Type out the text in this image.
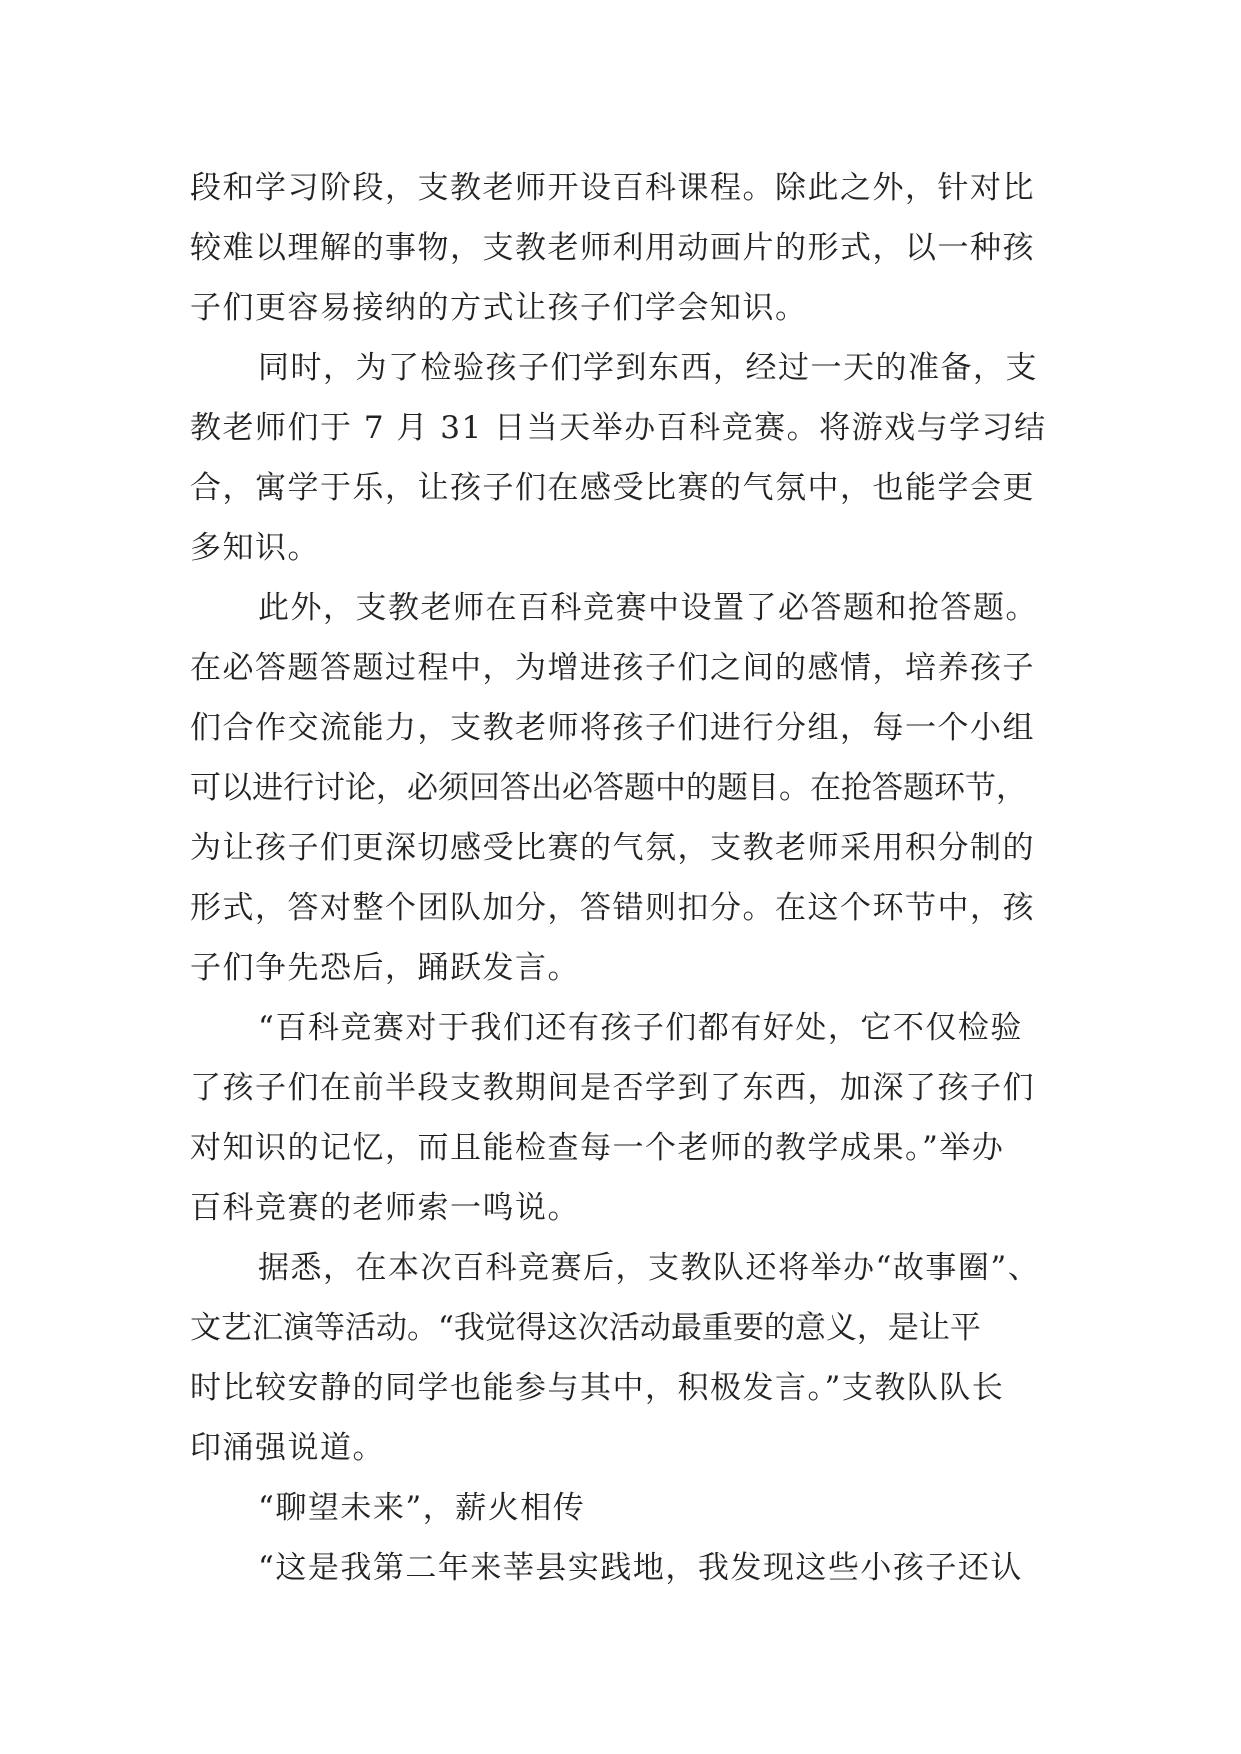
段和学习阶段，支教老师开设百科课程。除此之外，针对比
较难以理解的事物，支教老师利用动画片的形式，以一种孩
子们更容易接纳的方式让孩子们学会知识。
同时，为了检验孩子们学到东西，经过一天的准备，支
教老师们于 7 月 31 日当天举办百科竞赛。将游戏与学习结
合，寓学于乐，让孩子们在感受比赛的气氛中，也能学会更
多知识。
此外，支教老师在百科竞赛中设置了必答题和抢答题。
在必答题答题过程中，为增进孩子们之间的感情，培养孩子
们合作交流能力，支教老师将孩子们进行分组，每一个小组
可以进行讨论，必须回答出必答题中的题目。在抢答题环节，
为让孩子们更深切感受比赛的气氛，支教老师采用积分制的
形式，答对整个团队加分，答错则扣分。在这个环节中，孩
子们争先恐后，踊跃发言。
“百科竞赛对于我们还有孩子们都有好处，它不仅检验
了孩子们在前半段支教期间是否学到了东西，加深了孩子们
对知识的记忆，而且能检查每一个老师的教学成果。”举办
百科竞赛的老师索一鸣说。
据悉，在本次百科竞赛后，支教队还将举办“故事圈”、
文艺汇演等活动。“我觉得这次活动最重要的意义，是让平
时比较安静的同学也能参与其中，积极发言。”支教队队长
印涌强说道。
“聊望未来”，薪火相传
“这是我第二年来莘县实践地，我发现这些小孩子还认
